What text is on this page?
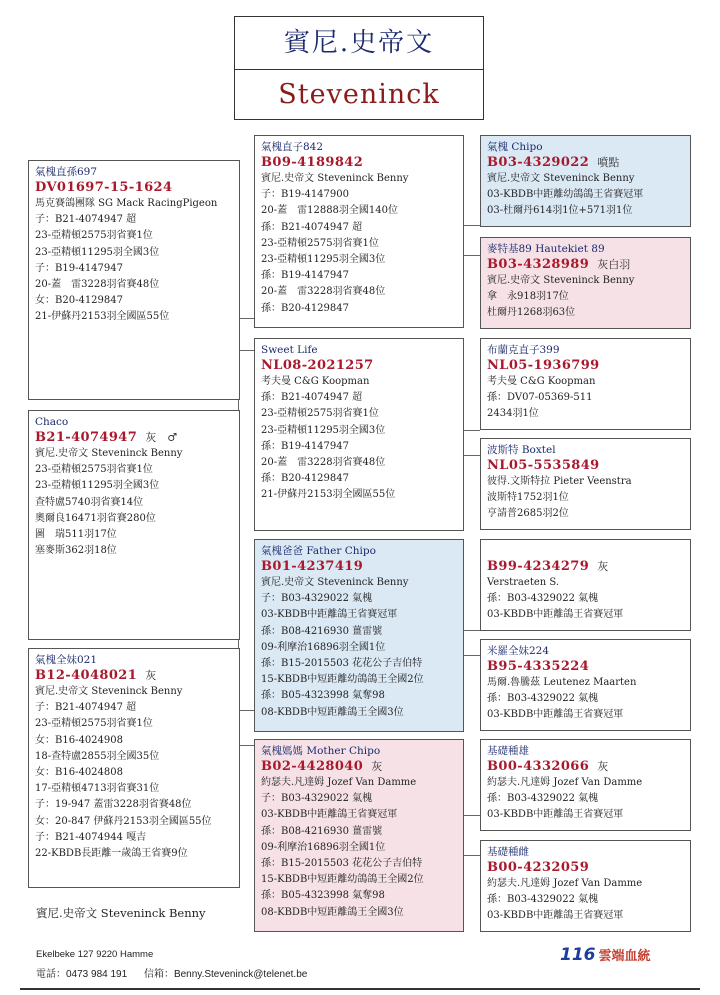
賓尼.史帝文
Steveninck
氣槐直孫697
DV01697-15-1624
馬克賽鴿團隊 SG Mack RacingPigeon
子：B21-4074947 超
23-亞精頓2575羽省賽1位
23-亞精頓11295羽全國3位
子：B19-4147947
20-蓋　雷3228羽省賽48位
女：B20-4129847
21-伊蘇丹2153羽全國區55位
Chaco
B21-4074947 灰　♂
賓尼.史帝文 Steveninck Benny
23-亞精頓2575羽省賽1位
23-亞精頓11295羽全國3位
查特盧5740羽省賽14位
奧爾良16471羽省賽280位
圖　瑞511羽17位
塞麥斯362羽18位
氣槐全妹021
B12-4048021 灰
賓尼.史帝文 Steveninck Benny
子：B21-4074947 超
23-亞精頓2575羽省賽1位
女：B16-4024908
18-查特盧2855羽全國35位
女：B16-4024808
17-亞精頓4713羽省賽31位
子：19-947 蓋雷3228羽省賽48位
女：20-847 伊蘇丹2153羽全國區55位
子：B21-4074944 嘎吉
22-KBDB長距離一歲鴿王省賽9位
氣槐直子842
B09-4189842
賓尼.史帝文 Steveninck Benny
子：B19-4147900
20-蓋　雷12888羽全國140位
孫：B21-4074947 超
23-亞精頓2575羽省賽1位
23-亞精頓11295羽全國3位
孫：B19-4147947
20-蓋　雷3228羽省賽48位
孫：B20-4129847
Sweet Life
NL08-2021257
考夫曼 C&G Koopman
孫：B21-4074947 超
23-亞精頓2575羽省賽1位
23-亞精頓11295羽全國3位
孫：B19-4147947
20-蓋　雷3228羽省賽48位
孫：B20-4129847
21-伊蘇丹2153羽全國區55位
氣槐爸爸 Father Chipo
B01-4237419
賓尼.史帝文 Steveninck Benny
子：B03-4329022 氣槐
03-KBDB中距離鴿王省賽冠軍
孫：B08-4216930 薑雷號
09-利摩治16896羽全國1位
孫：B15-2015503 花花公子吉伯特
15-KBDB中短距離幼鴿鴿王全國2位
孫：B05-4323998 氣奪98
08-KBDB中短距離鴿王全國3位
氣槐媽媽 Mother Chipo
B02-4428040 灰
約瑟夫.凡達姆 Jozef Van Damme
子：B03-4329022 氣槐
03-KBDB中距離鴿王省賽冠軍
孫：B08-4216930 薑雷號
09-利摩治16896羽全國1位
孫：B15-2015503 花花公子吉伯特
15-KBDB中短距離幼鴿鴿王全國2位
孫：B05-4323998 氣奪98
08-KBDB中短距離鴿王全國3位
氣槐 Chipo
B03-4329022 噴點
賓尼.史帝文 Steveninck Benny
03-KBDB中距離幼鴿鴿王省賽冠軍
03-杜爾丹614羽1位+571羽1位
麥特基89 Hautekiet 89
B03-4328989 灰白羽
賓尼.史帝文 Steveninck Benny
拿　永918羽17位
杜爾丹1268羽63位
布蘭克直子399
NL05-1936799
考夫曼 C&G Koopman
孫：DV07-05369-511
2434羽1位
波斯特 Boxtel
NL05-5535849
彼得.文斯特拉 Pieter Veenstra
波斯特1752羽1位
亨請普2685羽2位
B99-4234279 灰
Verstraeten S.
孫：B03-4329022 氣槐
03-KBDB中距離鴿王省賽冠軍
米羅全妹224
B95-4335224
馬爾.魯騰茲 Leutenez Maarten
孫：B03-4329022 氣槐
03-KBDB中距離鴿王省賽冠軍
基礎種雄
B00-4332066 灰
約瑟夫.凡達姆 Jozef Van Damme
孫：B03-4329022 氣槐
03-KBDB中距離鴿王省賽冠軍
基礎種雌
B00-4232059
約瑟夫.凡達姆 Jozef Van Damme
孫：B03-4329022 氣槐
03-KBDB中距離鴿王省賽冠軍
賓尼.史帝文 Steveninck Benny
Ekelbeke 127 9220 Hamme
電話：0473 984 191 信箱：Benny.Steveninck@telenet.be
116 雲端血統
